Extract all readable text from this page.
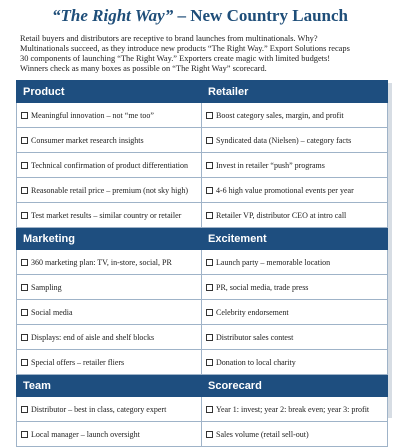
“The Right Way” – New Country Launch
Retail buyers and distributors are receptive to brand launches from multinationals. Why?
Multinationals succeed, as they introduce new products “The Right Way.” Export Solutions recaps
30 components of launching “The Right Way.” Exporters create magic with limited budgets!
Winners check as many boxes as possible on “The Right Way” scorecard.
Product	Retailer
Meaningful innovation – not “me too”	Boost category sales, margin, and profit
Consumer market research insights	Syndicated data (Nielsen) – category facts
Technical confirmation of product differentiation	Invest in retailer “push” programs
Reasonable retail price – premium (not sky high)	4-6 high value promotional events per year
Test market results – similar country or retailer	Retailer VP, distributor CEO at intro call
Marketing	Excitement
360 marketing plan: TV, in-store, social, PR	Launch party – memorable location
Sampling	PR, social media, trade press
Social media	Celebrity endorsement
Displays: end of aisle and shelf blocks	Distributor sales contest
Special offers – retailer fliers	Donation to local charity
Team	Scorecard
Distributor – best in class, category expert	Year 1: invest; year 2: break even; year 3: profit
Local manager – launch oversight	Sales volume (retail sell-out)
